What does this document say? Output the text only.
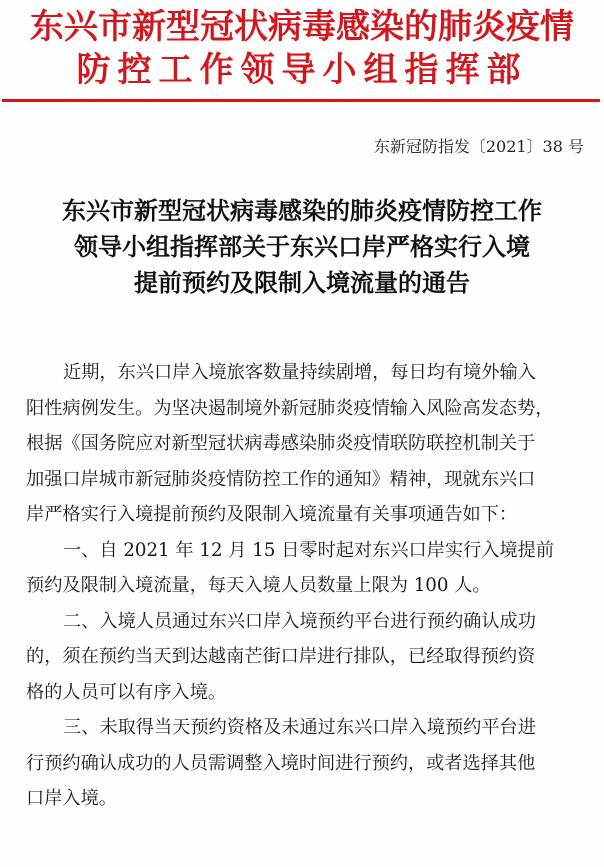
东兴市新型冠状病毒感染的肺炎疫情
防控工作领导小组指挥部
东新冠防指发〔2021〕38 号
东兴市新型冠状病毒感染的肺炎疫情防控工作
领导小组指挥部关于东兴口岸严格实行入境
提前预约及限制入境流量的通告
近期，东兴口岸入境旅客数量持续剧增，每日均有境外输入
阳性病例发生。为坚决遏制境外新冠肺炎疫情输入风险高发态势，
根据《国务院应对新型冠状病毒感染肺炎疫情联防联控机制关于
加强口岸城市新冠肺炎疫情防控工作的通知》精神，现就东兴口
岸严格实行入境提前预约及限制入境流量有关事项通告如下：
一、自 2021 年 12 月 15 日零时起对东兴口岸实行入境提前
预约及限制入境流量，每天入境人员数量上限为 100 人。
二、入境人员通过东兴口岸入境预约平台进行预约确认成功
的，须在预约当天到达越南芒街口岸进行排队，已经取得预约资
格的人员可以有序入境。
三、未取得当天预约资格及未通过东兴口岸入境预约平台进
行预约确认成功的人员需调整入境时间进行预约，或者选择其他
口岸入境。
